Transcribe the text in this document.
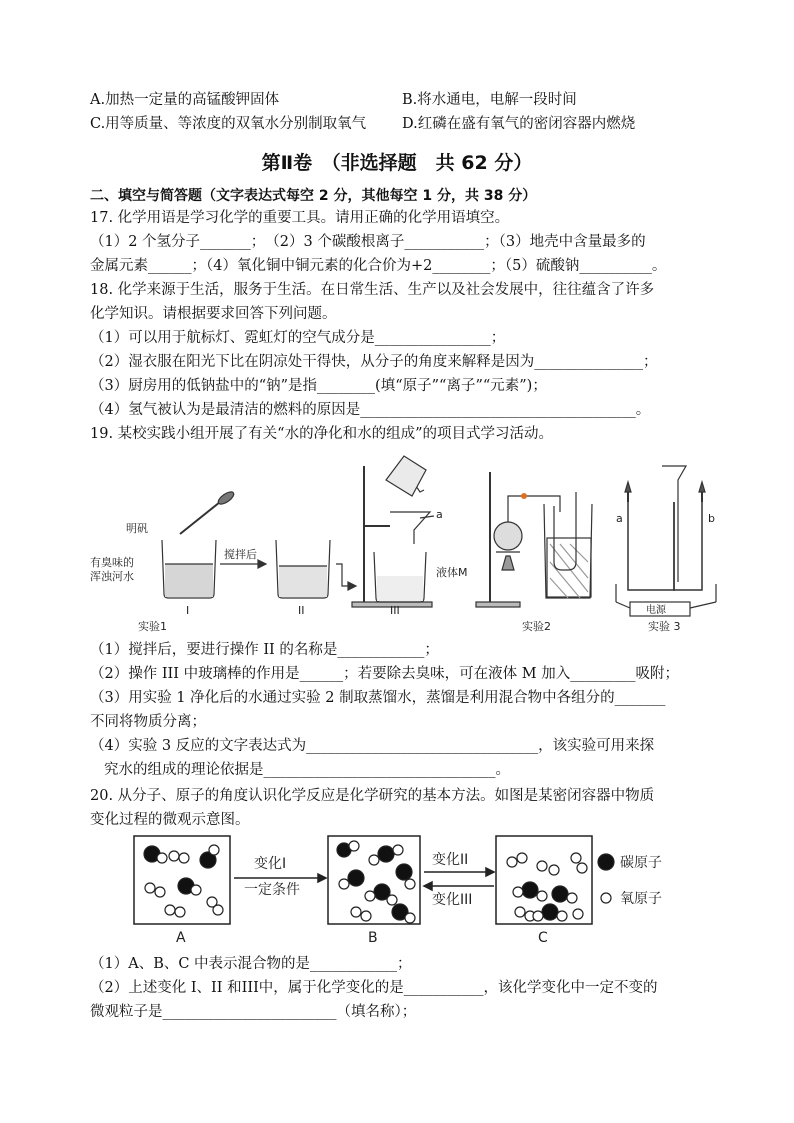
A.加热一定量的高锰酸钾固体	B.将水通电，电解一段时间
C.用等质量、等浓度的双氧水分别制取氧气 D.红磷在盛有氧气的密闭容器内燃烧
第Ⅱ卷　（非选择题　共 62 分）
二、填空与简答题（文字表达式每空 2 分，其他每空 1 分，共 38 分）
17. 化学用语是学习化学的重要工具。请用正确的化学用语填空。
（1）2 个氢分子_______；　（2）3 个碳酸根离子___________；（3）地壳中含量最多的
金属元素______；（4）氧化铜中铜元素的化合价为+2________；（5）硫酸钠__________。
18. 化学来源于生活，服务于生活。在日常生活、生产以及社会发展中，往往蕴含了许多
化学知识。请根据要求回答下列问题。
（1）可以用于航标灯、霓虹灯的空气成分是________________；
（2）湿衣服在阳光下比在阴凉处干得快，从分子的角度来解释是因为_______________；
（3）厨房用的低钠盐中的“钠”是指________(填“原子”“离子”“元素”)；
（4）氢气被认为是最清洁的燃料的原因是______________________________________。
19. 某校实践小组开展了有关“水的净化和水的组成”的项目式学习活动。
明矾
有臭味的
浑浊河水
搅拌后
I	II	III
液体M
a
实验1	实验2	实验 3
电源
a	b
（1）搅拌后，要进行操作 II 的名称是____________；
（2）操作 III 中玻璃棒的作用是______；若要除去臭味，可在液体 M 加入_________吸附；
（3）用实验 1 净化后的水通过实验 2 制取蒸馏水，蒸馏是利用混合物中各组分的_______
不同将物质分离；
（4）实验 3 反应的文字表达式为________________________________，该实验可用来探
究水的组成的理论依据是________________________________。
20. 从分子、原子的角度认识化学反应是化学研究的基本方法。如图是某密闭容器中物质
变化过程的微观示意图。
变化I
一定条件
变化II
变化III
A	B	C
碳原子
氧原子
（1）A、B、C 中表示混合物的是____________；
（2）上述变化 I、II 和III中，属于化学变化的是___________，该化学变化中一定不变的
微观粒子是________________________（填名称）；
